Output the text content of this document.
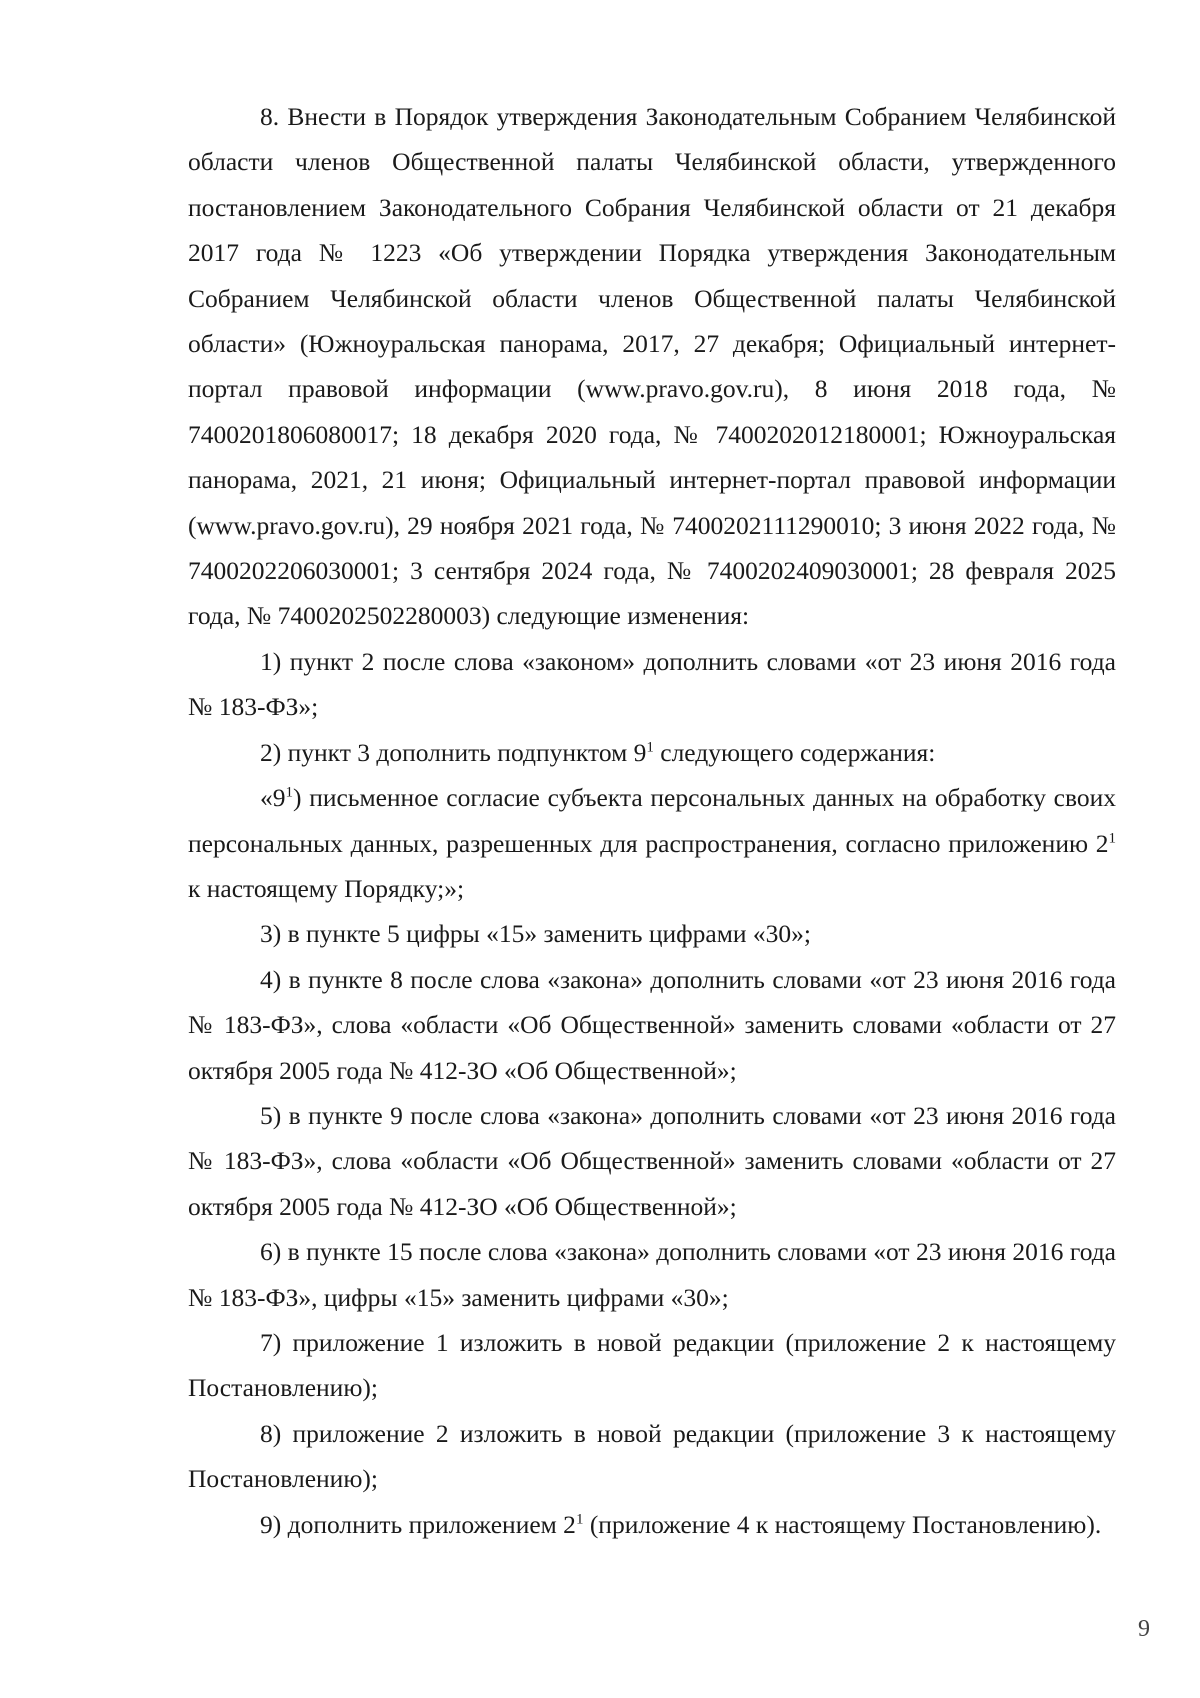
8. Внести в Порядок утверждения Законодательным Собранием Челябинской области членов Общественной палаты Челябинской области, утвержденного постановлением Законодательного Собрания Челябинской области от 21 декабря 2017 года № 1223 «Об утверждении Порядка утверждения Законодательным Собранием Челябинской области членов Общественной палаты Челябинской области» (Южноуральская панорама, 2017, 27 декабря; Официальный интернет-портал правовой информации (www.pravo.gov.ru), 8 июня 2018 года, № 7400201806080017; 18 декабря 2020 года, № 7400202012180001; Южноуральская панорама, 2021, 21 июня; Официальный интернет-портал правовой информации (www.pravo.gov.ru), 29 ноября 2021 года, № 7400202111290010; 3 июня 2022 года, № 7400202206030001; 3 сентября 2024 года, № 7400202409030001; 28 февраля 2025 года, № 7400202502280003) следующие изменения:

1) пункт 2 после слова «законом» дополнить словами «от 23 июня 2016 года № 183-ФЗ»;

2) пункт 3 дополнить подпунктом $9^1$ следующего содержания:

«$9^1$) письменное согласие субъекта персональных данных на обработку своих персональных данных, разрешенных для распространения, согласно приложению $2^1$ к настоящему Порядку;»;

3) в пункте 5 цифры «15» заменить цифрами «30»;

4) в пункте 8 после слова «закона» дополнить словами «от 23 июня 2016 года № 183-ФЗ», слова «области «Об Общественной» заменить словами «области от 27 октября 2005 года № 412-ЗО «Об Общественной»;

5) в пункте 9 после слова «закона» дополнить словами «от 23 июня 2016 года № 183-ФЗ», слова «области «Об Общественной» заменить словами «области от 27 октября 2005 года № 412-ЗО «Об Общественной»;

6) в пункте 15 после слова «закона» дополнить словами «от 23 июня 2016 года № 183-ФЗ», цифры «15» заменить цифрами «30»;

7) приложение 1 изложить в новой редакции (приложение 2 к настоящему Постановлению);

8) приложение 2 изложить в новой редакции (приложение 3 к настоящему Постановлению);

9) дополнить приложением $2^1$ (приложение 4 к настоящему Постановлению).

9
